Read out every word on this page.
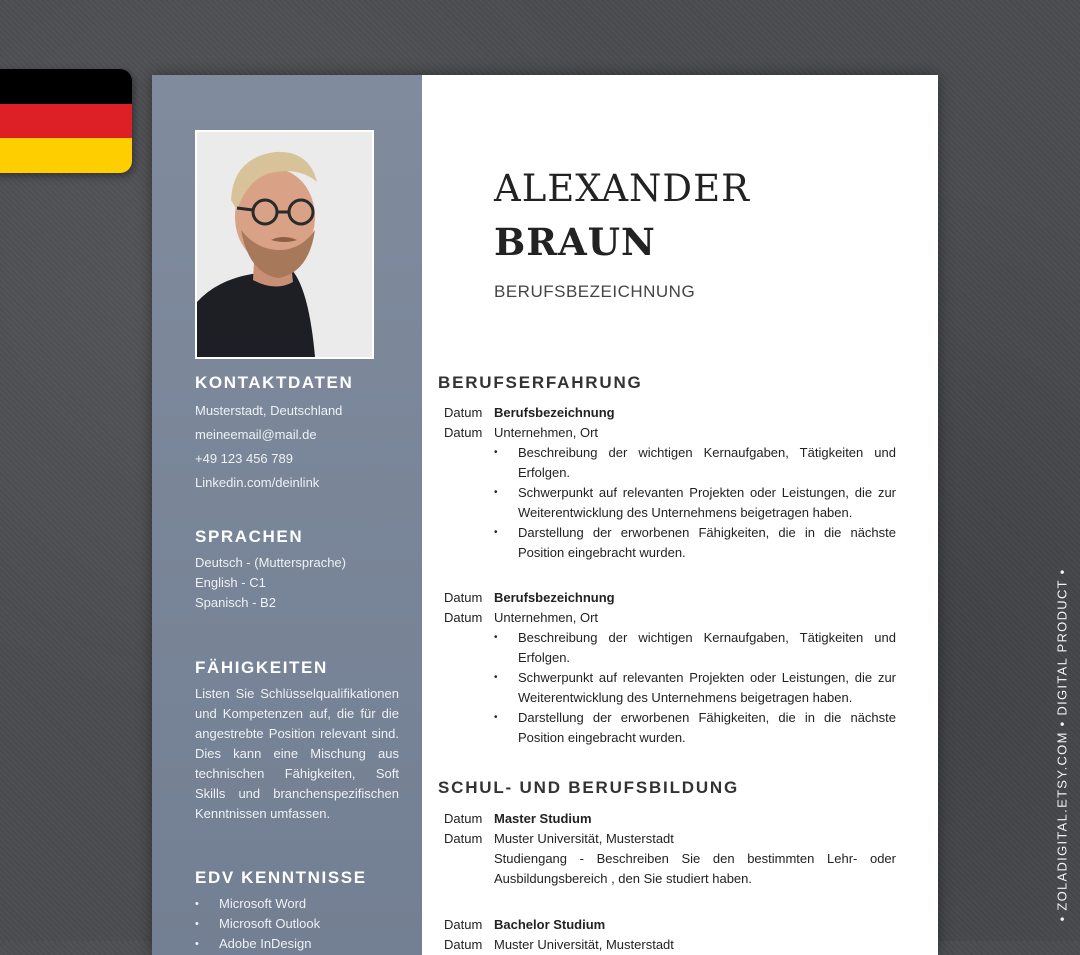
KONTAKTDATEN
Musterstadt, Deutschland
meineemail@mail.de
+49 123 456 789
Linkedin.com/deinlink
SPRACHEN
Deutsch - (Muttersprache)
English - C1
Spanisch - B2
FÄHIGKEITEN
Listen Sie Schlüsselqualifikationen und Kompetenzen auf, die für die angestrebte Position relevant sind. Dies kann eine Mischung aus technischen Fähigkeiten, Soft Skills und branchenspezifischen Kenntnissen umfassen.
EDV KENNTNISSE
• Microsoft Word
• Microsoft Outlook
• Adobe InDesign
ALEXANDER
BRAUN
BERUFSBEZEICHNUNG
BERUFSERFAHRUNG
Datum Berufsbezeichnung
Datum Unternehmen, Ort
• Beschreibung der wichtigen Kernaufgaben, Tätigkeiten und Erfolgen.
• Schwerpunkt auf relevanten Projekten oder Leistungen, die zur Weiterentwicklung des Unternehmens beigetragen haben.
• Darstellung der erworbenen Fähigkeiten, die in die nächste Position eingebracht wurden.
Datum Berufsbezeichnung
Datum Unternehmen, Ort
• Beschreibung der wichtigen Kernaufgaben, Tätigkeiten und Erfolgen.
• Schwerpunkt auf relevanten Projekten oder Leistungen, die zur Weiterentwicklung des Unternehmens beigetragen haben.
• Darstellung der erworbenen Fähigkeiten, die in die nächste Position eingebracht wurden.
SCHUL- UND BERUFSBILDUNG
Datum Master Studium
Datum Muster Universität, Musterstadt
Studiengang - Beschreiben Sie den bestimmten Lehr- oder Ausbildungsbereich , den Sie studiert haben.
Datum Bachelor Studium
Datum Muster Universität, Musterstadt
• ZOLADIGITAL.ETSY.COM • DIGITAL PRODUCT •
